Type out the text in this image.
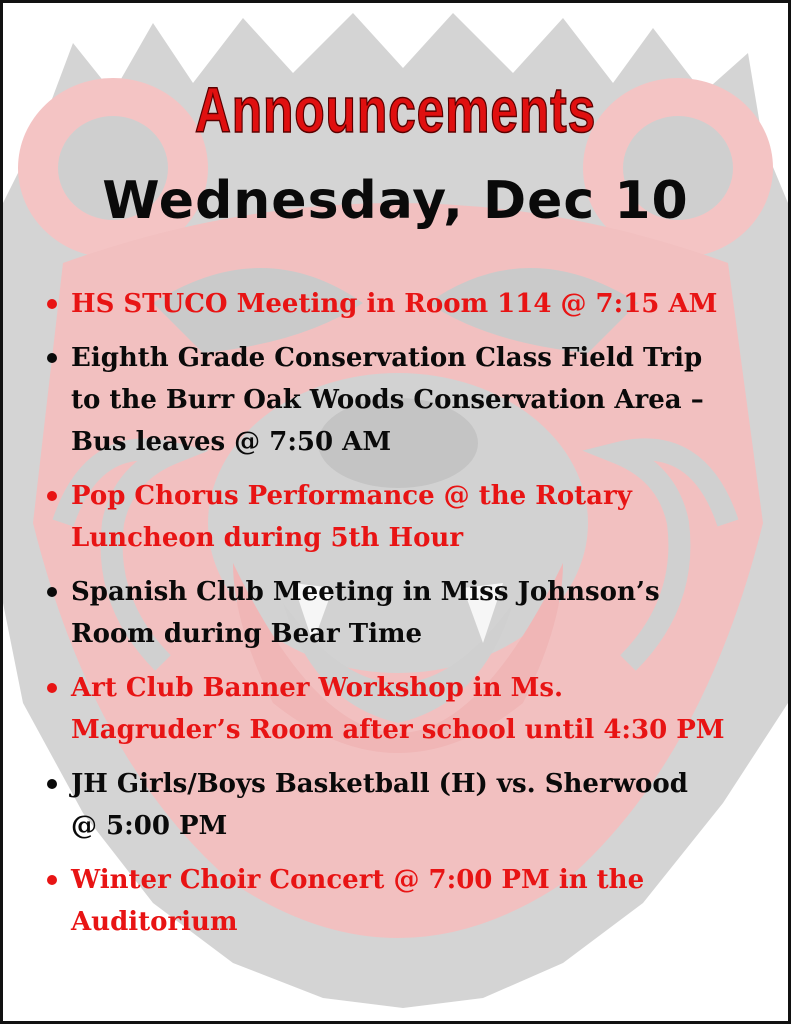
Announcements
Wednesday, Dec 10
HS STUCO Meeting in Room 114 @ 7:15 AM
Eighth Grade Conservation Class Field Trip
to the Burr Oak Woods Conservation Area –
Bus leaves @ 7:50 AM
Pop Chorus Performance @ the Rotary
Luncheon during 5th Hour
Spanish Club Meeting in Miss Johnson’s
Room during Bear Time
Art Club Banner Workshop in Ms.
Magruder’s Room after school until 4:30 PM
JH Girls/Boys Basketball (H) vs. Sherwood
@ 5:00 PM
Winter Choir Concert @ 7:00 PM in the
Auditorium
